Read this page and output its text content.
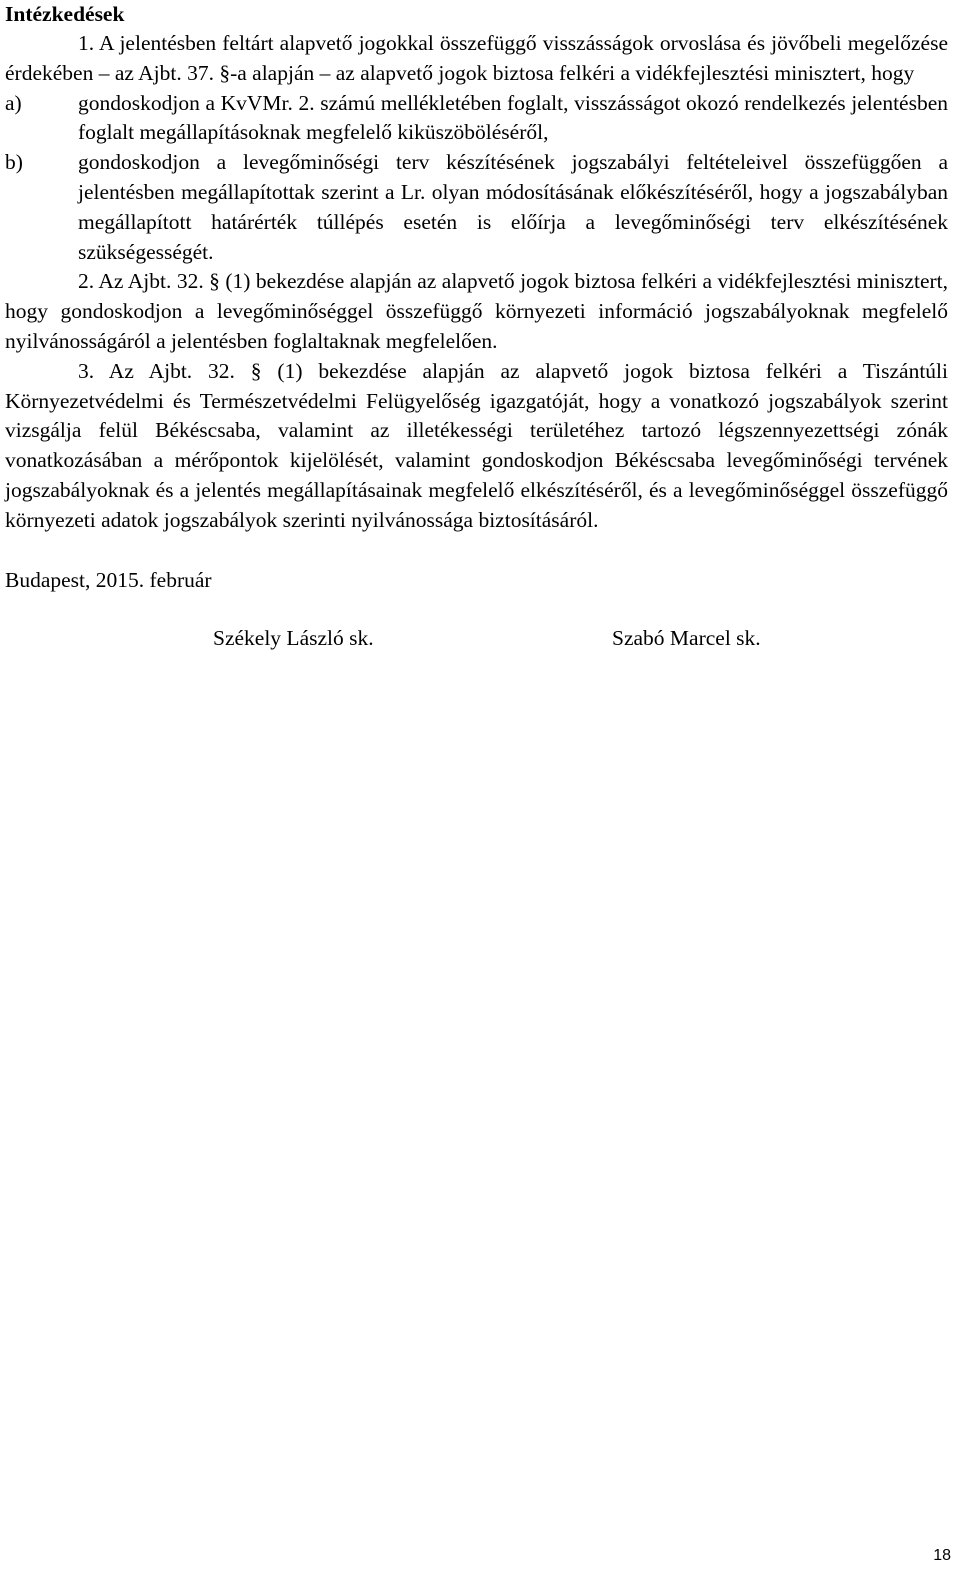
Intézkedések

1. A jelentésben feltárt alapvető jogokkal összefüggő visszásságok orvoslása és jövőbeli megelőzése érdekében – az Ajbt. 37. §-a alapján – az alapvető jogok biztosa felkéri a vidékfejlesztési minisztert, hogy

a)	gondoskodjon a KvVMr. 2. számú mellékletében foglalt, visszásságot okozó rendelkezés jelentésben foglalt megállapításoknak megfelelő kiküszöböléséről,

b)	gondoskodjon a levegőminőségi terv készítésének jogszabályi feltételeivel összefüggően a jelentésben megállapítottak szerint a Lr. olyan módosításának előkészítéséről, hogy a jogszabályban megállapított határérték túllépés esetén is előírja a levegőminőségi terv elkészítésének szükségességét.

2. Az Ajbt. 32. § (1) bekezdése alapján az alapvető jogok biztosa felkéri a vidékfejlesztési minisztert, hogy gondoskodjon a levegőminőséggel összefüggő környezeti információ jogszabályoknak megfelelő nyilvánosságáról a jelentésben foglaltaknak megfelelően.

3. Az Ajbt. 32. § (1) bekezdése alapján az alapvető jogok biztosa felkéri a Tiszántúli Környezetvédelmi és Természetvédelmi Felügyelőség igazgatóját, hogy a vonatkozó jogszabályok szerint vizsgálja felül Békéscsaba, valamint az illetékességi területéhez tartozó légszennyezettségi zónák vonatkozásában a mérőpontok kijelölését, valamint gondoskodjon Békéscsaba levegőminőségi tervének jogszabályoknak és a jelentés megállapításainak megfelelő elkészítéséről, és a levegőminőséggel összefüggő környezeti adatok jogszabályok szerinti nyilvánossága biztosításáról.

Budapest, 2015. február

Székely László sk.	Szabó Marcel sk.
18
